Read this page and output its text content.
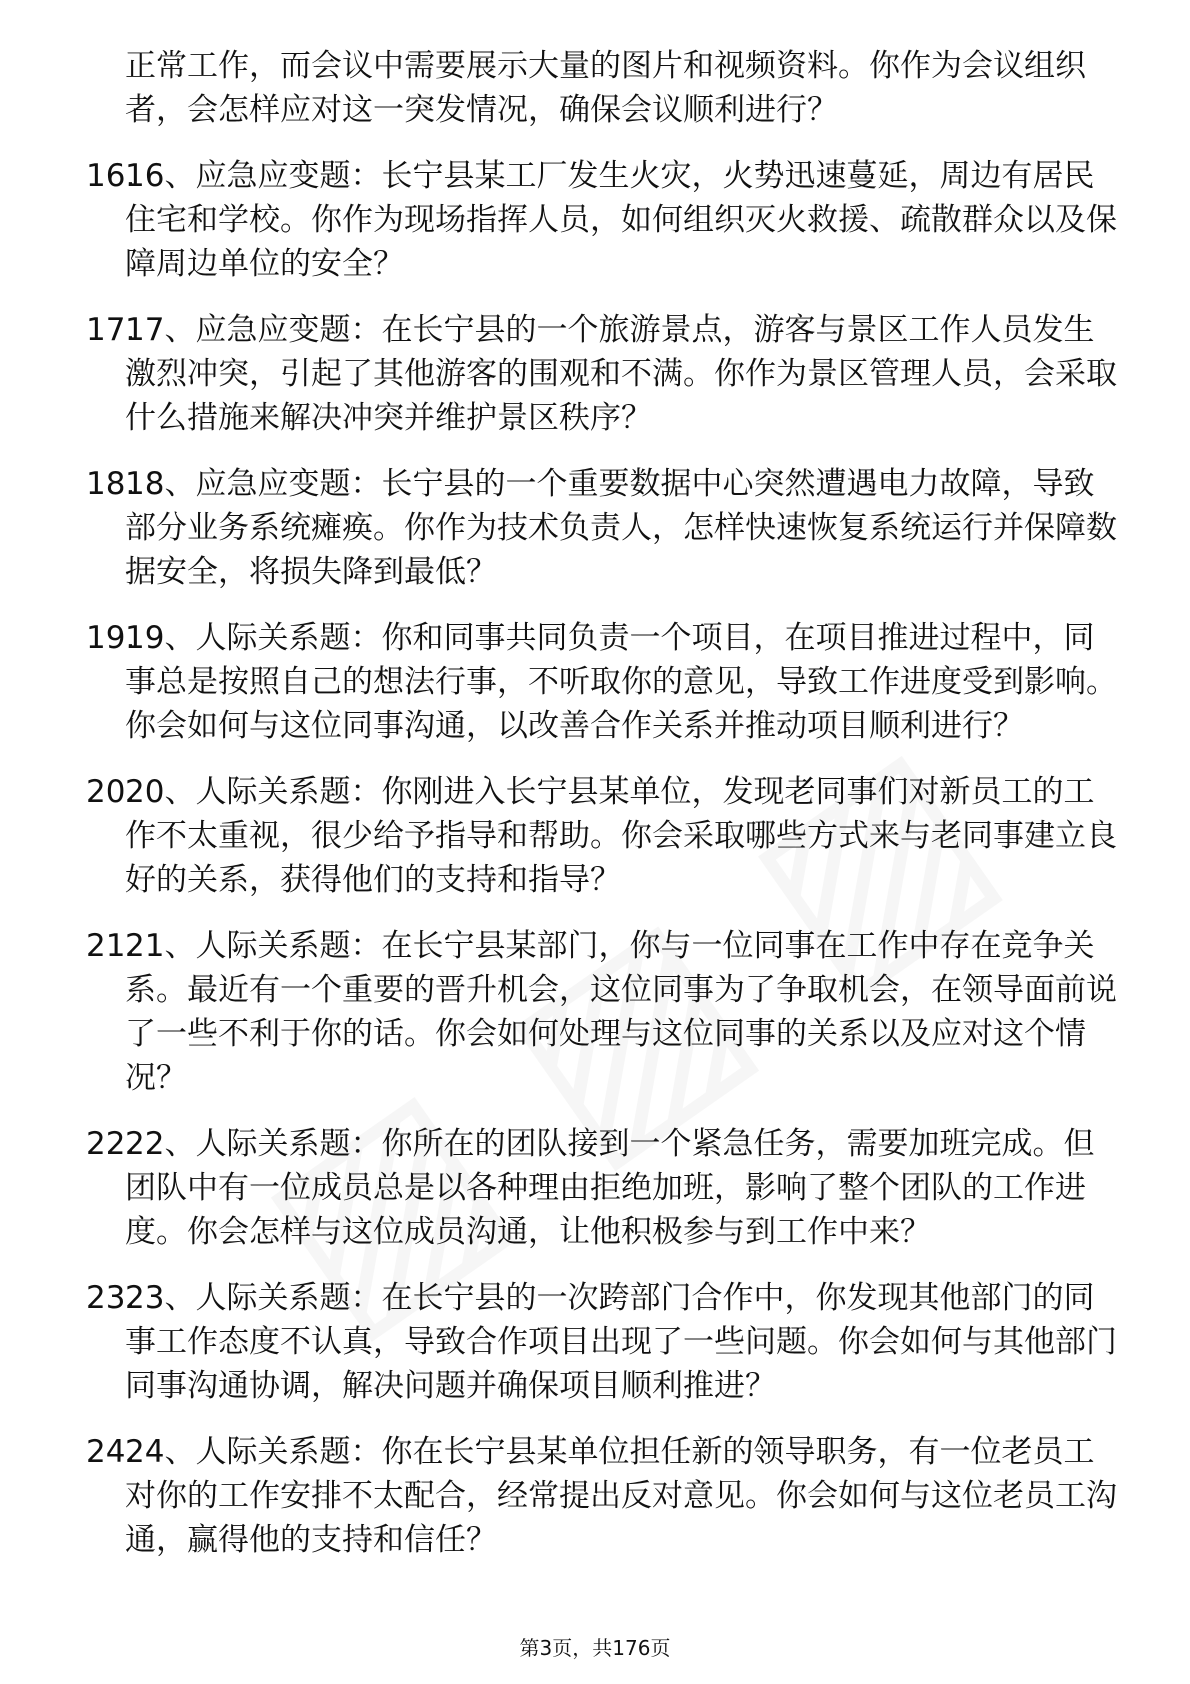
正常工作，而会议中需要展示大量的图片和视频资料。你作为会议组织者，会怎样应对这一突发情况，确保会议顺利进行？
16.
16、应急应变题：长宁县某工厂发生火灾，火势迅速蔓延，周边有居民住宅和学校。你作为现场指挥人员，如何组织灭火救援、疏散群众以及保障周边单位的安全？
17.
17、应急应变题：在长宁县的一个旅游景点，游客与景区工作人员发生激烈冲突，引起了其他游客的围观和不满。你作为景区管理人员，会采取什么措施来解决冲突并维护景区秩序？
18.
18、应急应变题：长宁县的一个重要数据中心突然遭遇电力故障，导致部分业务系统瘫痪。你作为技术负责人，怎样快速恢复系统运行并保障数据安全，将损失降到最低？
19.
19、人际关系题：你和同事共同负责一个项目，在项目推进过程中，同事总是按照自己的想法行事，不听取你的意见，导致工作进度受到影响。你会如何与这位同事沟通，以改善合作关系并推动项目顺利进行？
20.
20、人际关系题：你刚进入长宁县某单位，发现老同事们对新员工的工作不太重视，很少给予指导和帮助。你会采取哪些方式来与老同事建立良好的关系，获得他们的支持和指导？
21.
21、人际关系题：在长宁县某部门，你与一位同事在工作中存在竞争关系。最近有一个重要的晋升机会，这位同事为了争取机会，在领导面前说了一些不利于你的话。你会如何处理与这位同事的关系以及应对这个情况？
22.
22、人际关系题：你所在的团队接到一个紧急任务，需要加班完成。但团队中有一位成员总是以各种理由拒绝加班，影响了整个团队的工作进度。你会怎样与这位成员沟通，让他积极参与到工作中来？
23.
23、人际关系题：在长宁县的一次跨部门合作中，你发现其他部门的同事工作态度不认真，导致合作项目出现了一些问题。你会如何与其他部门同事沟通协调，解决问题并确保项目顺利推进？
24.
24、人际关系题：你在长宁县某单位担任新的领导职务，有一位老员工对你的工作安排不太配合，经常提出反对意见。你会如何与这位老员工沟通，赢得他的支持和信任？
第3页，共176页
